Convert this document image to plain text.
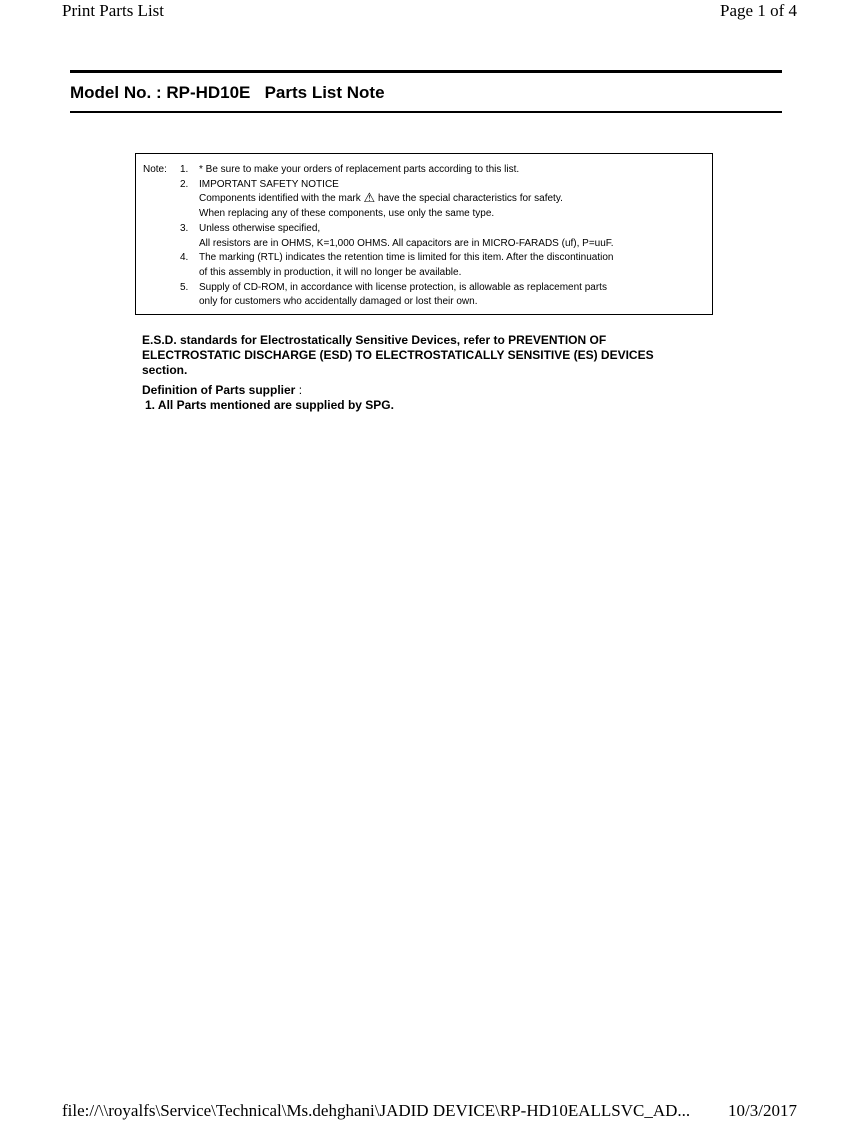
Print Parts List	Page 1 of 4
Model No. : RP-HD10E Parts List Note
Note: 1.	* Be sure to make your orders of replacement parts according to this list.
2.	IMPORTANT SAFETY NOTICE
Components identified with the mark ⚠ have the special characteristics for safety.
When replacing any of these components, use only the same type.
3.	Unless otherwise specified,
All resistors are in OHMS, K=1,000 OHMS. All capacitors are in MICRO-FARADS (uf), P=uuF.
4.	The marking (RTL) indicates the retention time is limited for this item. After the discontinuation
of this assembly in production, it will no longer be available.
5.	Supply of CD-ROM, in accordance with license protection, is allowable as replacement parts
only for customers who accidentally damaged or lost their own.
E.S.D. standards for Electrostatically Sensitive Devices, refer to PREVENTION OF
ELECTROSTATIC DISCHARGE (ESD) TO ELECTROSTATICALLY SENSITIVE (ES) DEVICES
section.
Definition of Parts supplier :
1. All Parts mentioned are supplied by SPG.
file://\\royalfs\Service\Technical\Ms.dehghani\JADID DEVICE\RP-HD10EALLSVC_AD... 10/3/2017
